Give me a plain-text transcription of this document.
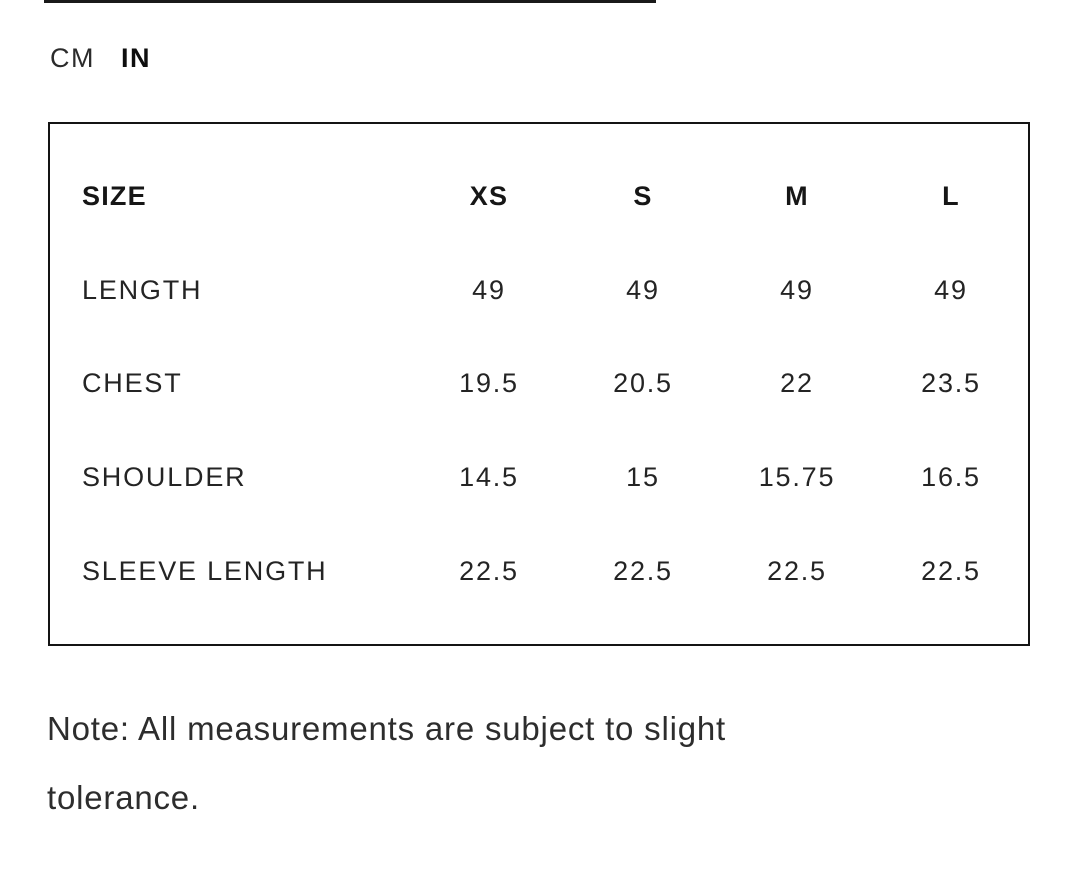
CM IN
SIZE	XS	S	M	L
LENGTH	49	49	49	49
CHEST	19.5	20.5	22	23.5
SHOULDER	14.5	15	15.75	16.5
SLEEVE LENGTH	22.5	22.5	22.5	22.5

Note: All measurements are subject to slight
tolerance.
